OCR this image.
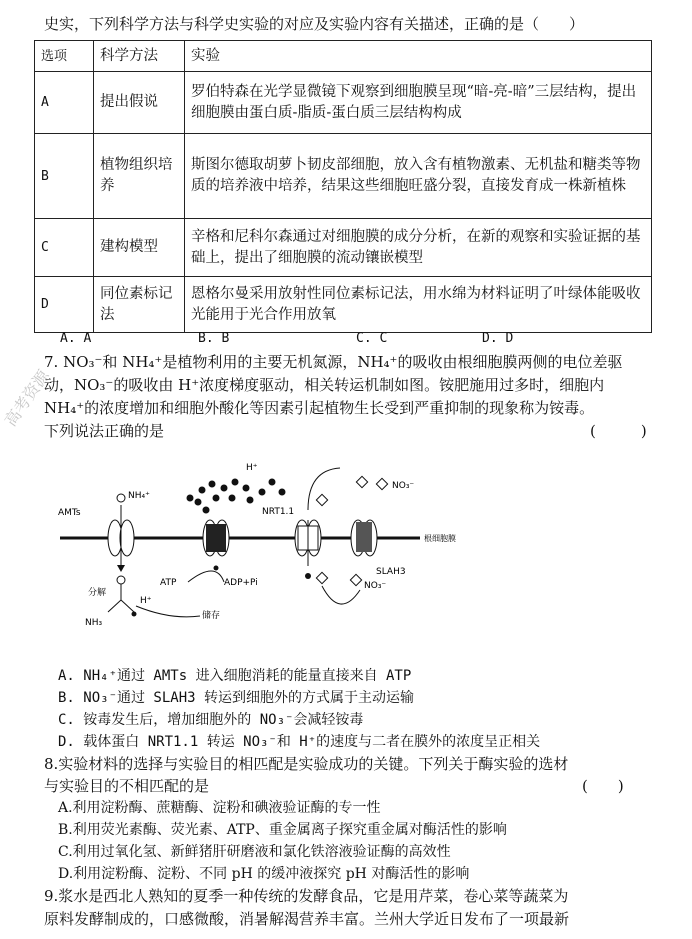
史实，下列科学方法与科学史实验的对应及实验内容有关描述，正确的是（　　）
选项	科学方法	实验
A	提出假说	罗伯特森在光学显微镜下观察到细胞膜呈现“暗-亮-暗”三层结构，提出细胞膜由蛋白质-脂质-蛋白质三层结构构成
B	植物组织培养	斯图尔德取胡萝卜韧皮部细胞，放入含有植物激素、无机盐和糖类等物质的培养液中培养，结果这些细胞旺盛分裂，直接发育成一株新植株
C	建构模型	辛格和尼科尔森通过对细胞膜的成分分析，在新的观察和实验证据的基础上，提出了细胞膜的流动镶嵌模型
D	同位素标记法	恩格尔曼采用放射性同位素标记法，用水绵为材料证明了叶绿体能吸收光能用于光合作用放氧
A. A	B. B	C. C	D. D
高考资源
7. NO₃⁻和 NH₄⁺是植物利用的主要无机氮源，NH₄⁺的吸收由根细胞膜两侧的电位差驱
动，NO₃⁻的吸收由 H⁺浓度梯度驱动，相关转运机制如图。铵肥施用过多时，细胞内
NH₄⁺的浓度增加和细胞外酸化等因素引起植物生长受到严重抑制的现象称为铵毒。
下列说法正确的是	(　　　)
根细胞膜
AMTs
NH₄⁺
分解
H⁺
NH₃
H⁺
ATP	ADP+Pi
储存
NRT1.1
SLAH3
NO₃⁻
NO₃⁻
A. NH₄⁺通过 AMTs 进入细胞消耗的能量直接来自 ATP
B. NO₃⁻通过 SLAH3 转运到细胞外的方式属于主动运输
C. 铵毒发生后，增加细胞外的 NO₃⁻会减轻铵毒
D. 载体蛋白 NRT1.1 转运 NO₃⁻和 H⁺的速度与二者在膜外的浓度呈正相关
8.实验材料的选择与实验目的相匹配是实验成功的关键。下列关于酶实验的选材
与实验目的不相匹配的是	(　　)
A.利用淀粉酶、蔗糖酶、淀粉和碘液验证酶的专一性
B.利用荧光素酶、荧光素、ATP、重金属离子探究重金属对酶活性的影响
C.利用过氧化氢、新鲜猪肝研磨液和氯化铁溶液验证酶的高效性
D.利用淀粉酶、淀粉、不同 pH 的缓冲液探究 pH 对酶活性的影响
9.浆水是西北人熟知的夏季一种传统的发酵食品，它是用芹菜，卷心菜等蔬菜为
原料发酵制成的，口感微酸，消暑解渴营养丰富。兰州大学近日发布了一项最新
